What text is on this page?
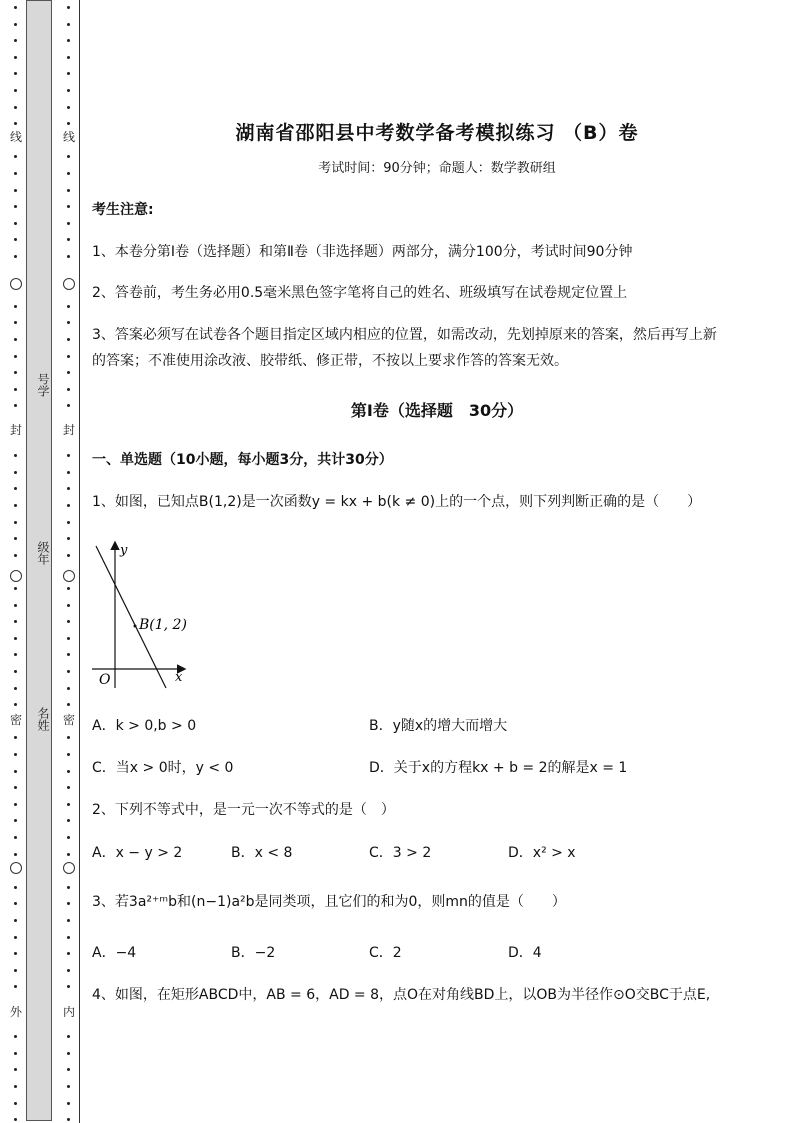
线
封
密
外
号学
级年
名姓
线
封
密
内
湖南省邵阳县中考数学备考模拟练习 （B）卷
考试时间：90分钟；命题人：数学教研组
考生注意:
1、本卷分第Ⅰ卷（选择题）和第Ⅱ卷（非选择题）两部分，满分100分，考试时间90分钟
2、答卷前，考生务必用0.5毫米黑色签字笔将自己的姓名、班级填写在试卷规定位置上
3、答案必须写在试卷各个题目指定区域内相应的位置，如需改动，先划掉原来的答案，然后再写上新
的答案；不准使用涂改液、胶带纸、修正带，不按以上要求作答的答案无效。
第Ⅰ卷（选择题　30分）
一、单选题（10小题，每小题3分，共计30分）
1、如图，已知点B(1,2)是一次函数y = kx + b(k ≠ 0)上的一个点，则下列判断正确的是（　　）
y
x
O
B(1, 2)
A．k > 0,b > 0	B．y随x的增大而增大
C．当x > 0时，y < 0	D．关于x的方程kx + b = 2的解是x = 1
2、下列不等式中，是一元一次不等式的是（　）
A．x − y > 2	B．x < 8	C．3 > 2	D．x² > x
3、若3a²⁺ᵐb和(n−1)a²b是同类项，且它们的和为0，则mn的值是（　　）
A．−4	B．−2	C．2	D．4
4、如图，在矩形ABCD中，AB = 6，AD = 8，点O在对角线BD上，以OB为半径作⊙O交BC于点E,
